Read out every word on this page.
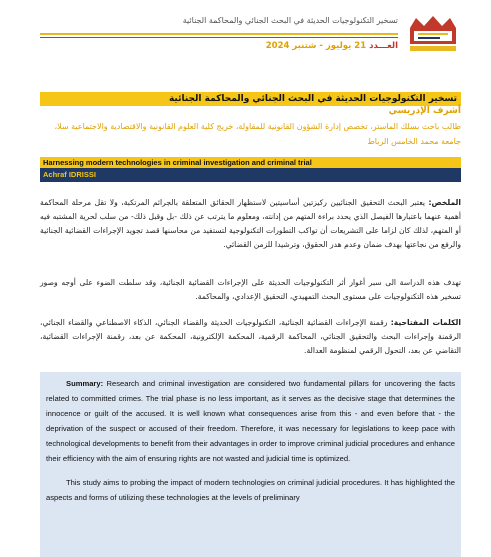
تسخير التكنولوجيات الحديثة في البحث الجنائي والمحاكمة الجنائية
العـــدد 21 يوليوز - شتنبر 2024
تسخير التكنولوجيات الحديثة في البحث الجنائي والمحاكمة الجنائية
أشرف الإدريسي
طالب باحث بسلك الماستر، تخصص إدارة الشؤون القانونية للمقاولة، خريج كلية العلوم القانونية والاقتصادية والاجتماعية سلا، جامعة محمد الخامس الرباط
Harnessing modern technologies in criminal investigation and criminal trial
Achraf IDRISSI
الملخص: يعتبر البحث التحقيق الجنائيين ركيزتين أساسيتين لاستظهار الحقائق المتعلقة بالجرائم المرتكبة، ولا تقل مرحلة المحاكمة أهمية عنهما باعتبارها الفيصل الذي يحدد براءة المتهم من إدانته، ومعلوم ما يترتب عن ذلك -بل وقبل ذلك- من سلب لحرية المشتبه فيه أو المتهم، لذلك كان لزاما على التشريعات أن تواكب التطورات التكنولوجية لتستفيد من محاسنها قصد تجويد الإجراءات القضائية الجنائية والرفع من نجاعتها بهدف ضمان وعدم هدر الحقوق، وترشيدا للزمن القضائي.
تهدف هذه الدراسة الى سبر أغوار أثر التكنولوجيات الحديثة على الإجراءات القضائية الجنائية، وقد سلطت الضوء على أوجه وصور تسخير هذه التكنولوجيات على مستوى البحث التمهيدي، التحقيق الإعدادي، والمحاكمة.
الكلمات المفتاحية: رقمنة الإجراءات القضائية الجنائية، التكنولوجيات الحديثة والقضاء الجنائي، الذكاء الاصطناعي والقضاء الجنائي، الرقمنة وإجراءات البحث والتحقيق الجنائي، المحاكمة الرقمية، المحكمة الإلكترونية، المحكمة عن بعد، رقمنة الإجراءات القضائية، التقاضي عن بعد، التحول الرقمي لمنظومة العدالة.

Summary: Research and criminal investigation are considered two fundamental pillars for uncovering the facts related to committed crimes. The trial phase is no less important, as it serves as the decisive stage that determines the innocence or guilt of the accused. It is well known what consequences arise from this - and even before that - the deprivation of the suspect or accused of their freedom. Therefore, it was necessary for legislations to keep pace with technological developments to benefit from their advantages in order to improve criminal judicial procedures and enhance their efficiency with the aim of ensuring rights are not wasted and judicial time is optimized.

This study aims to probing the impact of modern technologies on criminal judicial procedures. It has highlighted the aspects and forms of utilizing these technologies at the levels of preliminary
